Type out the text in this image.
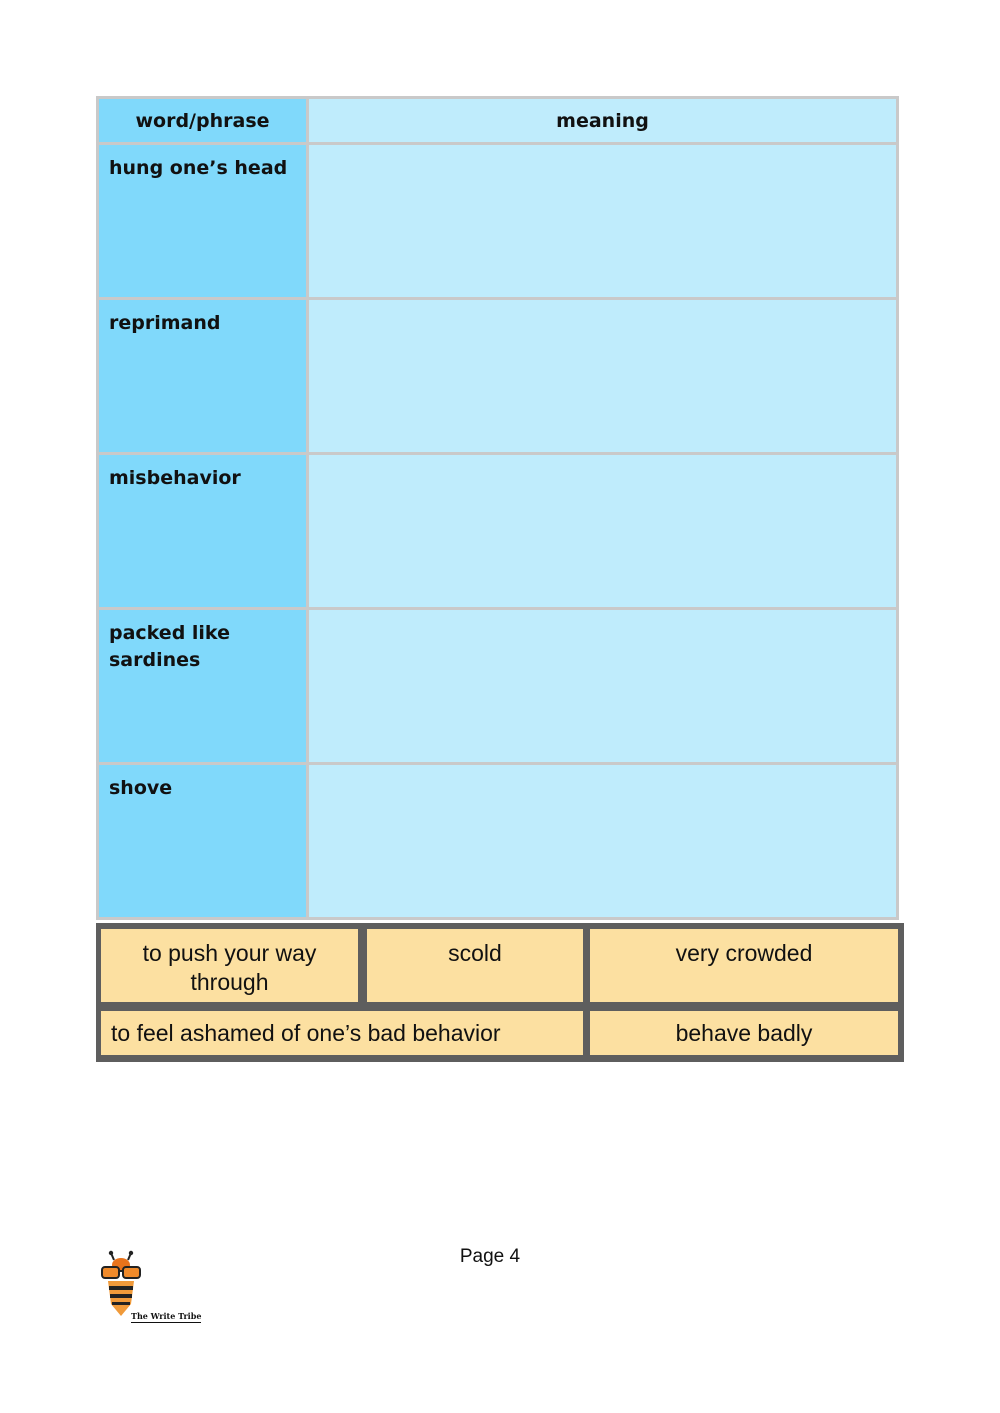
word/phrase	meaning
hung one’s head	
reprimand	
misbehavior	
packed like sardines	
shove	
to push your way through
scold	very crowded
to feel ashamed of one’s bad behavior	behave badly
Page 4
The Write Tribe
